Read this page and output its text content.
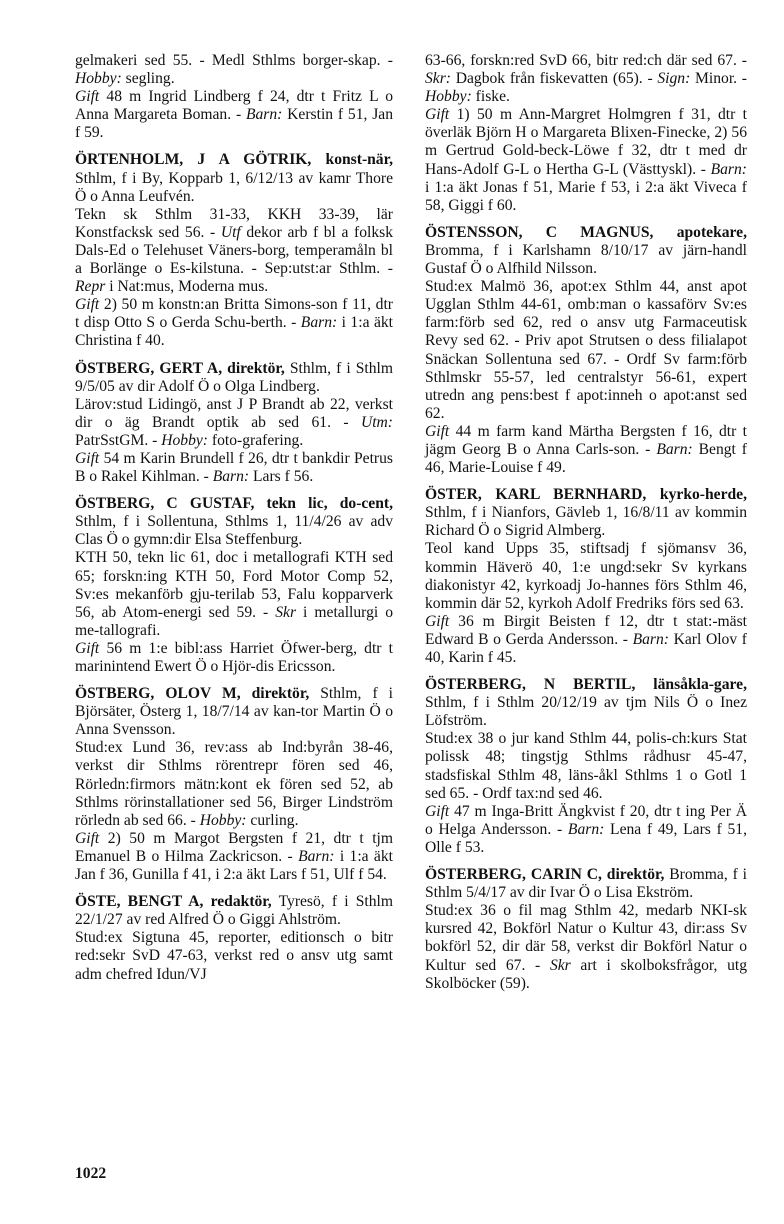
gelmakeri sed 55. - Medl Sthlms borger-skap. - Hobby: segling.

Gift 48 m Ingrid Lindberg f 24, dtr t Fritz L o Anna Margareta Boman. - Barn: Kerstin f 51, Jan f 59.

ÖRTENHOLM, J A GÖTRIK, konst-när, Sthlm, f i By, Kopparb 1, 6/12/13 av kamr Thore Ö o Anna Leufvén.

Tekn sk Sthlm 31-33, KKH 33-39, lär Konstfacksk sed 56. - Utf dekor arb f bl a folksk Dals-Ed o Telehuset Väners-borg, temperamåln bl a Borlänge o Es-kilstuna. - Sep:utst:ar Sthlm. - Repr i Nat:mus, Moderna mus.

Gift 2) 50 m konstn:an Britta Simons-son f 11, dtr t disp Otto S o Gerda Schu-berth. - Barn: i 1:a äkt Christina f 40.

ÖSTBERG, GERT A, direktör, Sthlm, f i Sthlm 9/5/05 av dir Adolf Ö o Olga Lindberg.

Lärov:stud Lidingö, anst J P Brandt ab 22, verkst dir o äg Brandt optik ab sed 61. - Utm: PatrSstGM. - Hobby: foto-grafering.

Gift 54 m Karin Brundell f 26, dtr t bankdir Petrus B o Rakel Kihlman. - Barn: Lars f 56.

ÖSTBERG, C GUSTAF, tekn lic, do-cent, Sthlm, f i Sollentuna, Sthlms 1, 11/4/26 av adv Clas Ö o gymn:dir Elsa Steffenburg.

KTH 50, tekn lic 61, doc i metallografi KTH sed 65; forskn:ing KTH 50, Ford Motor Comp 52, Sv:es mekanförb gju-terilab 53, Falu kopparverk 56, ab Atom-energi sed 59. - Skr i metallurgi o me-tallografi.

Gift 56 m 1:e bibl:ass Harriet Öfwer-berg, dtr t marinintend Ewert Ö o Hjör-dis Ericsson.

ÖSTBERG, OLOV M, direktör, Sthlm, f i Björsäter, Österg 1, 18/7/14 av kan-tor Martin Ö o Anna Svensson.

Stud:ex Lund 36, rev:ass ab Ind:byrån 38-46, verkst dir Sthlms rörentrepr fören sed 46, Rörledn:firmors mätn:kont ek fören sed 52, ab Sthlms rörinstallationer sed 56, Birger Lindström rörledn ab sed 66. - Hobby: curling.

Gift 2) 50 m Margot Bergsten f 21, dtr t tjm Emanuel B o Hilma Zackricson. - Barn: i 1:a äkt Jan f 36, Gunilla f 41, i 2:a äkt Lars f 51, Ulf f 54.

ÖSTE, BENGT A, redaktör, Tyresö, f i Sthlm 22/1/27 av red Alfred Ö o Giggi Ahlström.

Stud:ex Sigtuna 45, reporter, editionsch o bitr red:sekr SvD 47-63, verkst red o ansv utg samt adm chefred Idun/VJ

63-66, forskn:red SvD 66, bitr red:ch där sed 67. - Skr: Dagbok från fiskevatten (65). - Sign: Minor. - Hobby: fiske.

Gift 1) 50 m Ann-Margret Holmgren f 31, dtr t överläk Björn H o Margareta Blixen-Finecke, 2) 56 m Gertrud Gold-beck-Löwe f 32, dtr t med dr Hans-Adolf G-L o Hertha G-L (Västtyskl). - Barn: i 1:a äkt Jonas f 51, Marie f 53, i 2:a äkt Viveca f 58, Giggi f 60.

ÖSTENSSON, C MAGNUS, apotekare, Bromma, f i Karlshamn 8/10/17 av järn-handl Gustaf Ö o Alfhild Nilsson.

Stud:ex Malmö 36, apot:ex Sthlm 44, anst apot Ugglan Sthlm 44-61, omb:man o kassaförv Sv:es farm:förb sed 62, red o ansv utg Farmaceutisk Revy sed 62. - Priv apot Strutsen o dess filialapot Snäckan Sollentuna sed 67. - Ordf Sv farm:förb Sthlmskr 55-57, led centralstyr 56-61, expert utredn ang pens:best f apot:inneh o apot:anst sed 62.

Gift 44 m farm kand Märtha Bergsten f 16, dtr t jägm Georg B o Anna Carls-son. - Barn: Bengt f 46, Marie-Louise f 49.

ÖSTER, KARL BERNHARD, kyrko-herde, Sthlm, f i Nianfors, Gävleb 1, 16/8/11 av kommin Richard Ö o Sigrid Almberg.

Teol kand Upps 35, stiftsadj f sjömansv 36, kommin Häverö 40, 1:e ungd:sekr Sv kyrkans diakonistyr 42, kyrkoadj Jo-hannes förs Sthlm 46, kommin där 52, kyrkoh Adolf Fredriks förs sed 63.

Gift 36 m Birgit Beisten f 12, dtr t stat:-mäst Edward B o Gerda Andersson. - Barn: Karl Olov f 40, Karin f 45.

ÖSTERBERG, N BERTIL, länsåkla-gare, Sthlm, f i Sthlm 20/12/19 av tjm Nils Ö o Inez Löfström.

Stud:ex 38 o jur kand Sthlm 44, polis-ch:kurs Stat polissk 48; tingstjg Sthlms rådhusr 45-47, stadsfiskal Sthlm 48, läns-åkl Sthlms 1 o Gotl 1 sed 65. - Ordf tax:nd sed 46.

Gift 47 m Inga-Britt Ängkvist f 20, dtr t ing Per Ä o Helga Andersson. - Barn: Lena f 49, Lars f 51, Olle f 53.

ÖSTERBERG, CARIN C, direktör, Bromma, f i Sthlm 5/4/17 av dir Ivar Ö o Lisa Ekström.

Stud:ex 36 o fil mag Sthlm 42, medarb NKI-sk kursred 42, Bokförl Natur o Kultur 43, dir:ass Sv bokförl 52, dir där 58, verkst dir Bokförl Natur o Kultur sed 67. - Skr art i skolboksfrågor, utg Skolböcker (59).

1022
